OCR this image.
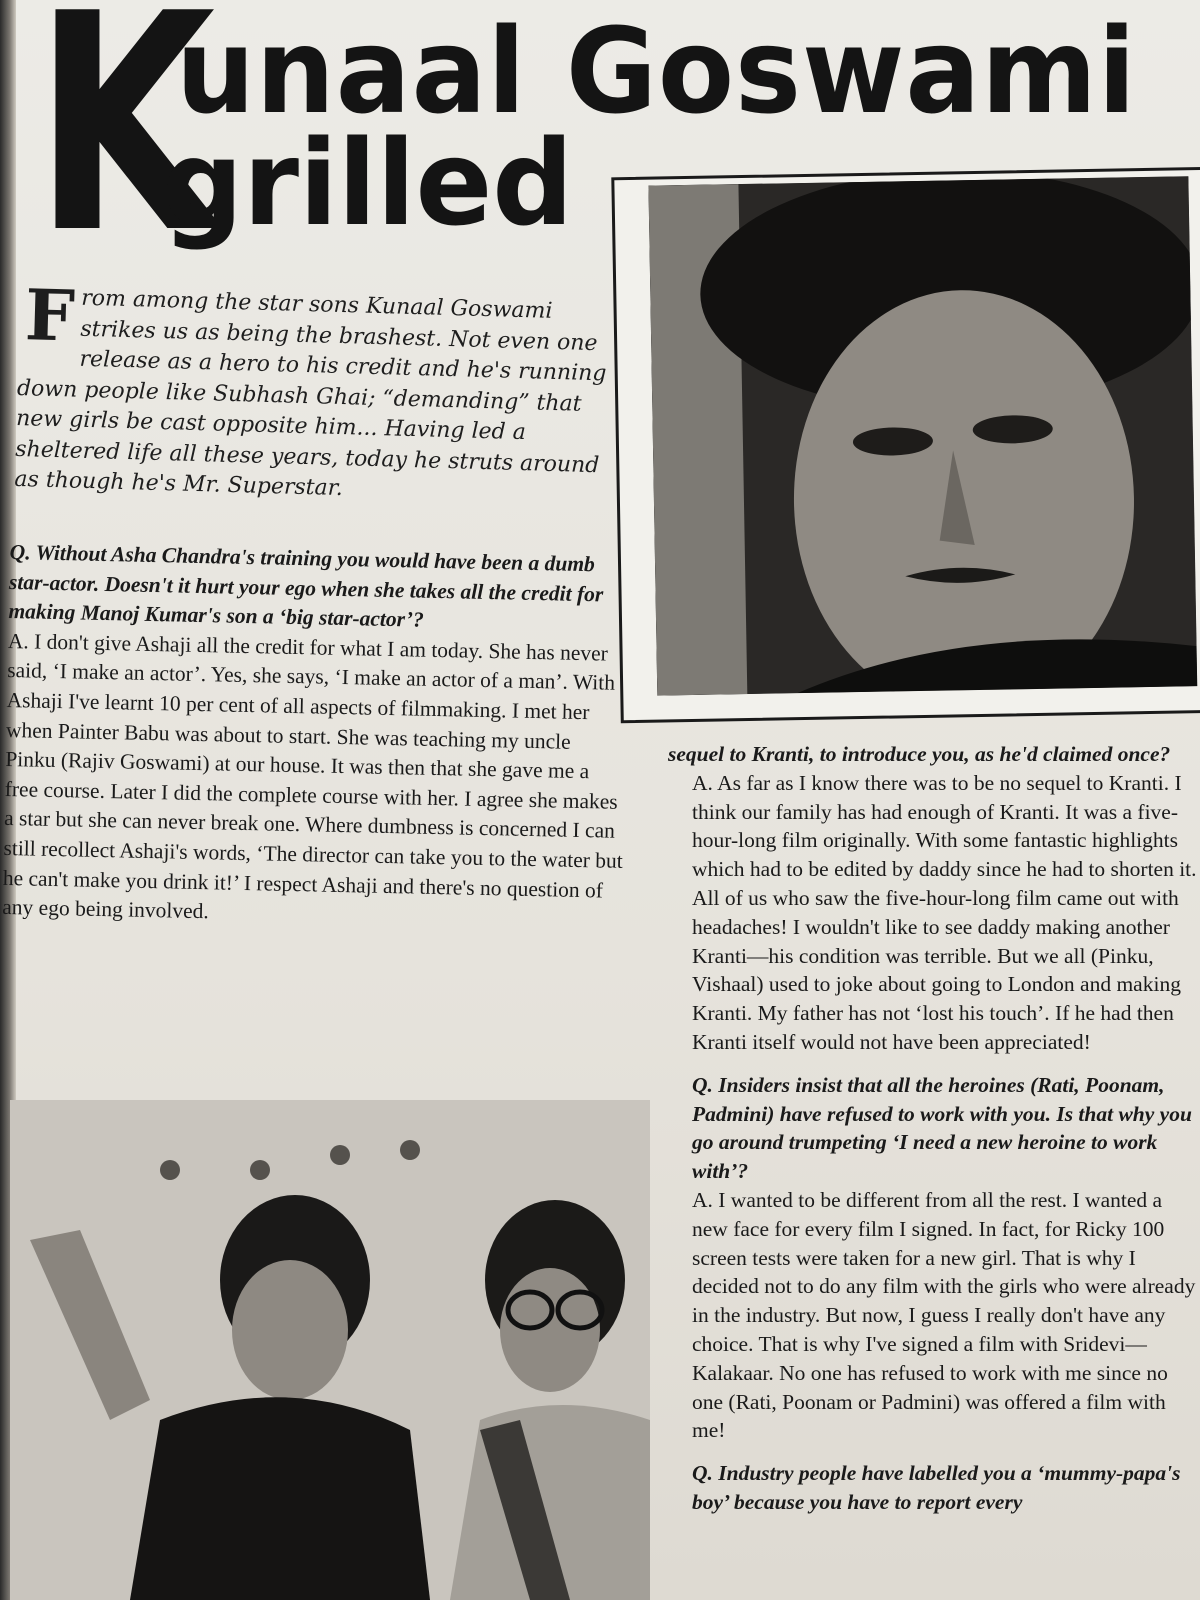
K
unaal Goswami
grilled
From among the star sons Kunaal Goswami strikes us as being the brashest. Not even one release as a hero to his credit and he's running down people like Subhash Ghai; “demanding” that new girls be cast opposite him... Having led a sheltered life all these years, today he struts around as though he's Mr. Superstar.

Q. Without Asha Chandra's training you would have been a dumb star-actor. Doesn't it hurt your ego when she takes all the credit for making Manoj Kumar's son a ‘big star-actor’?

A. I don't give Ashaji all the credit for what I am today. She has never said, ‘I make an actor’. Yes, she says, ‘I make an actor of a man’. With Ashaji I've learnt 10 per cent of all aspects of filmmaking. I met her when Painter Babu was about to start. She was teaching my uncle Pinku (Rajiv Goswami) at our house. It was then that she gave me a free course. Later I did the complete course with her. I agree she makes a star but she can never break one. Where dumbness is concerned I can still recollect Ashaji's words, ‘The director can take you to the water but he can't make you drink it!’ I respect Ashaji and there's no question of any ego being involved.

sequel to Kranti, to introduce you, as he'd claimed once?

A. As far as I know there was to be no sequel to Kranti. I think our family has had enough of Kranti. It was a five-hour-long film originally. With some fantastic highlights which had to be edited by daddy since he had to shorten it. All of us who saw the five-hour-long film came out with headaches! I wouldn't like to see daddy making another Kranti—his condition was terrible. But we all (Pinku, Vishaal) used to joke about going to London and making Kranti. My father has not ‘lost his touch’. If he had then Kranti itself would not have been appreciated!

Q. Insiders insist that all the heroines (Rati, Poonam, Padmini) have refused to work with you. Is that why you go around trumpeting ‘I need a new heroine to work with’?

A. I wanted to be different from all the rest. I wanted a new face for every film I signed. In fact, for Ricky 100 screen tests were taken for a new girl. That is why I decided not to do any film with the girls who were already in the industry. But now, I guess I really don't have any choice. That is why I've signed a film with Sridevi—Kalakaar. No one has refused to work with me since no one (Rati, Poonam or Padmini) was offered a film with me!

Q. Industry people have labelled you a ‘mummy-papa's boy’ because you have to report every
